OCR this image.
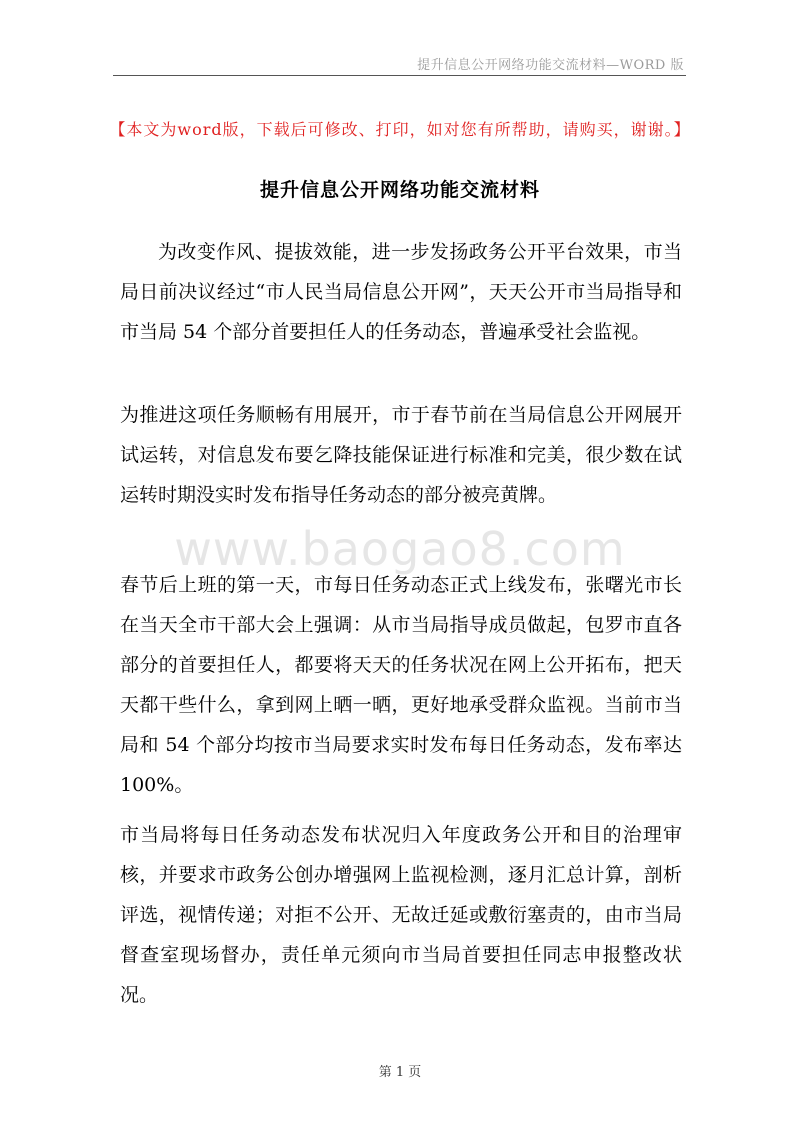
提升信息公开网络功能交流材料—WORD 版
【本文为word版，下载后可修改、打印，如对您有所帮助，请购买，谢谢。】
提升信息公开网络功能交流材料
www.baogao8.com

为改变作风、提拔效能，进一步发扬政务公开平台效果，市当局日前决议经过“市人民当局信息公开网”，天天公开市当局指导和市当局 54 个部分首要担任人的任务动态，普遍承受社会监视。

为推进这项任务顺畅有用展开，市于春节前在当局信息公开网展开试运转，对信息发布要乞降技能保证进行标准和完美，很少数在试运转时期没实时发布指导任务动态的部分被亮黄牌。

春节后上班的第一天，市每日任务动态正式上线发布，张曙光市长在当天全市干部大会上强调：从市当局指导成员做起，包罗市直各部分的首要担任人，都要将天天的任务状况在网上公开拓布，把天天都干些什么，拿到网上晒一晒，更好地承受群众监视。当前市当局和 54 个部分均按市当局要求实时发布每日任务动态，发布率达 100%。

市当局将每日任务动态发布状况归入年度政务公开和目的治理审核，并要求市政务公创办增强网上监视检测，逐月汇总计算，剖析评选，视情传递；对拒不公开、无故迁延或敷衍塞责的，由市当局督查室现场督办，责任单元须向市当局首要担任同志申报整改状况。

第 1 页
